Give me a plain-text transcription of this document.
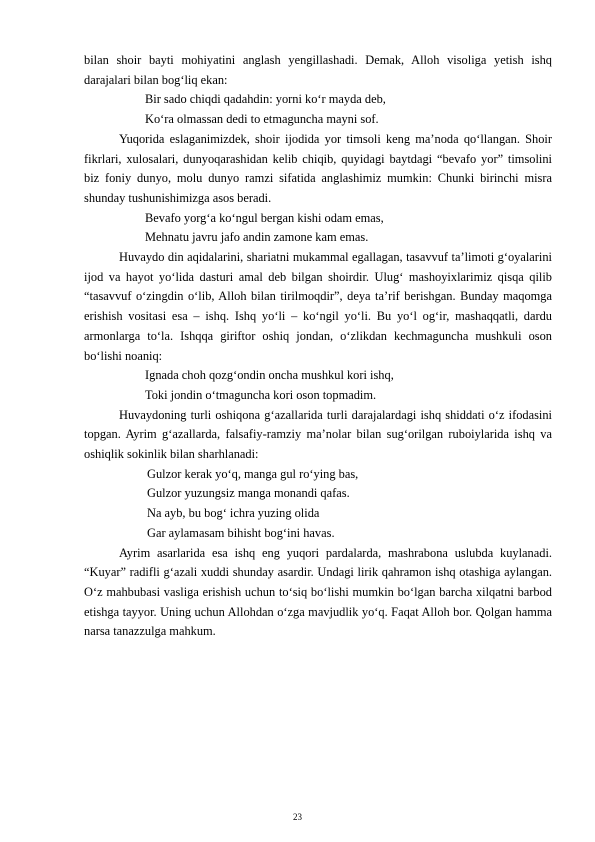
bilan shoir bayti mohiyatini anglash yengillashadi. Demak, Alloh visoliga yetish ishq darajalari bilan bog‘liq ekan:

Bir sado chiqdi qadahdin: yorni ko‘r mayda deb,

Ko‘ra olmassan dedi to etmaguncha mayni sof.

Yuqorida eslaganimizdek, shoir ijodida yor timsoli keng ma’noda qo‘llangan. Shoir fikrlari, xulosalari, dunyoqarashidan kelib chiqib, quyidagi baytdagi “bevafo yor” timsolini biz foniy dunyo, molu dunyo ramzi sifatida anglashimiz mumkin: Chunki birinchi misra shunday tushunishimizga asos beradi.

Bevafo yorg‘a ko‘ngul bergan kishi odam emas,

Mehnatu javru jafo andin zamone kam emas.

Huvaydo din aqidalarini, shariatni mukammal egallagan, tasavvuf ta’limoti g‘oyalarini ijod va hayot yo‘lida dasturi amal deb bilgan shoirdir. Ulug‘ mashoyixlarimiz qisqa qilib “tasavvuf o‘zingdin o‘lib, Alloh bilan tirilmoqdir”, deya ta’rif berishgan. Bunday maqomga erishish vositasi esa – ishq. Ishq yo‘li – ko‘ngil yo‘li. Bu yo‘l og‘ir, mashaqqatli, dardu armonlarga to‘la. Ishqqa giriftor oshiq jondan, o‘zlikdan kechmaguncha mushkuli oson bo‘lishi noaniq:

Ignada choh qozg‘ondin oncha mushkul kori ishq,

Toki jondin o‘tmaguncha kori oson topmadim.

Huvaydoning turli oshiqona g‘azallarida turli darajalardagi ishq shiddati o‘z ifodasini topgan. Ayrim g‘azallarda, falsafiy-ramziy ma’nolar bilan sug‘orilgan ruboiylarida ishq va oshiqlik sokinlik bilan sharhlanadi:

Gulzor kerak yo‘q, manga gul ro‘ying bas,

Gulzor yuzungsiz manga monandi qafas.

Na ayb, bu bog‘ ichra yuzing olida

Gar aylamasam bihisht bog‘ini havas.

Ayrim asarlarida esa ishq eng yuqori pardalarda, mashrabona uslubda kuylanadi. “Kuyar” radifli g‘azali xuddi shunday asardir. Undagi lirik qahramon ishq otashiga aylangan. O‘z mahbubasi vasliga erishish uchun to‘siq bo‘lishi mumkin bo‘lgan barcha xilqatni barbod etishga tayyor. Uning uchun Allohdan o‘zga mavjudlik yo‘q. Faqat Alloh bor. Qolgan hamma narsa tanazzulga mahkum.

23
